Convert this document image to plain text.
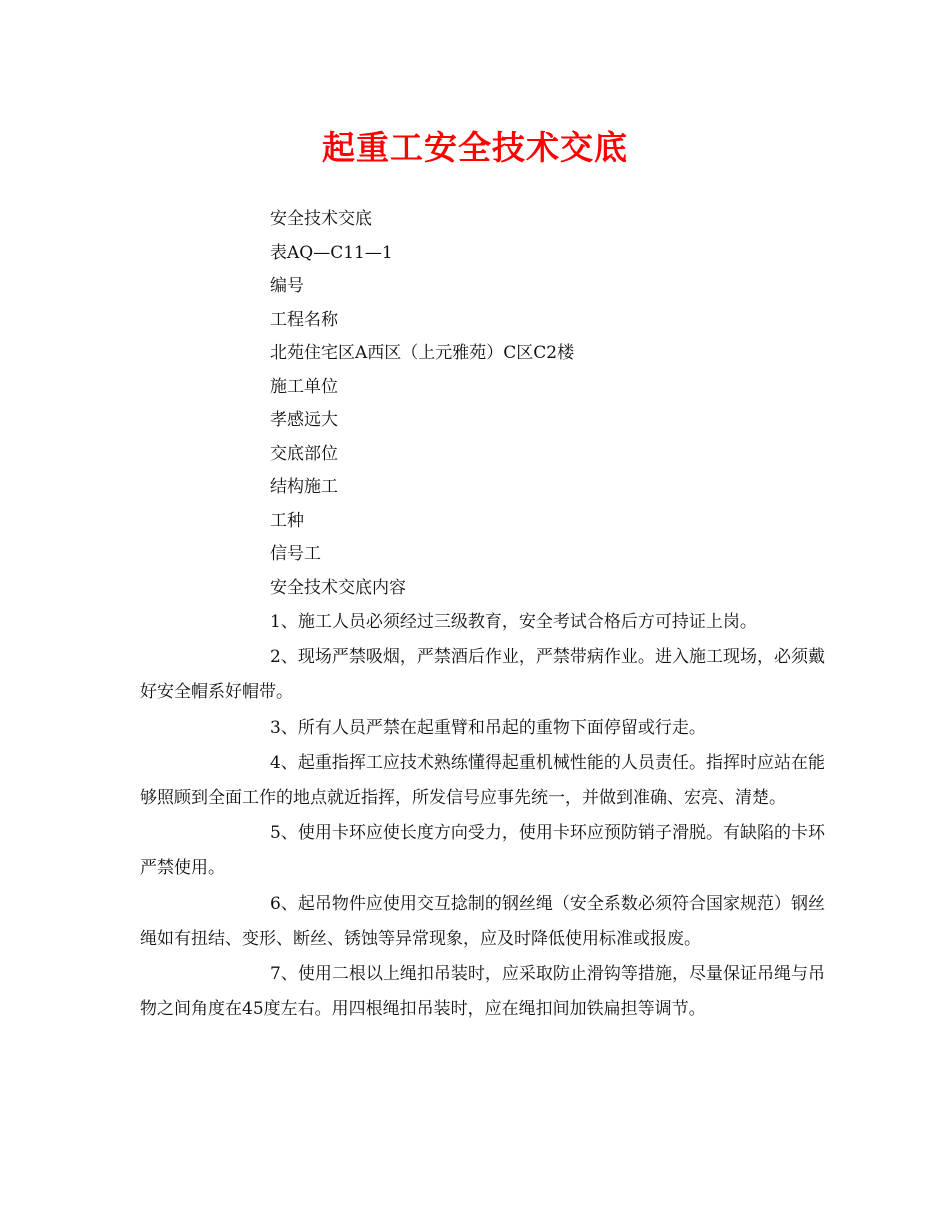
起重工安全技术交底
安全技术交底
表AQ—C11—1
编号
工程名称
北苑住宅区A西区（上元雅苑）C区C2楼
施工单位
孝感远大
交底部位
结构施工
工种
信号工
安全技术交底内容

1、施工人员必须经过三级教育，安全考试合格后方可持证上岗。

2、现场严禁吸烟，严禁酒后作业，严禁带病作业。进入施工现场，必须戴好安全帽系好帽带。

3、所有人员严禁在起重臂和吊起的重物下面停留或行走。

4、起重指挥工应技术熟练懂得起重机械性能的人员责任。指挥时应站在能够照顾到全面工作的地点就近指挥，所发信号应事先统一，并做到准确、宏亮、清楚。

5、使用卡环应使长度方向受力，使用卡环应预防销子滑脱。有缺陷的卡环严禁使用。

6、起吊物件应使用交互捻制的钢丝绳（安全系数必须符合国家规范）钢丝绳如有扭结、变形、断丝、锈蚀等异常现象，应及时降低使用标准或报废。

7、使用二根以上绳扣吊装时，应采取防止滑钩等措施，尽量保证吊绳与吊物之间角度在45度左右。用四根绳扣吊装时，应在绳扣间加铁扁担等调节。
